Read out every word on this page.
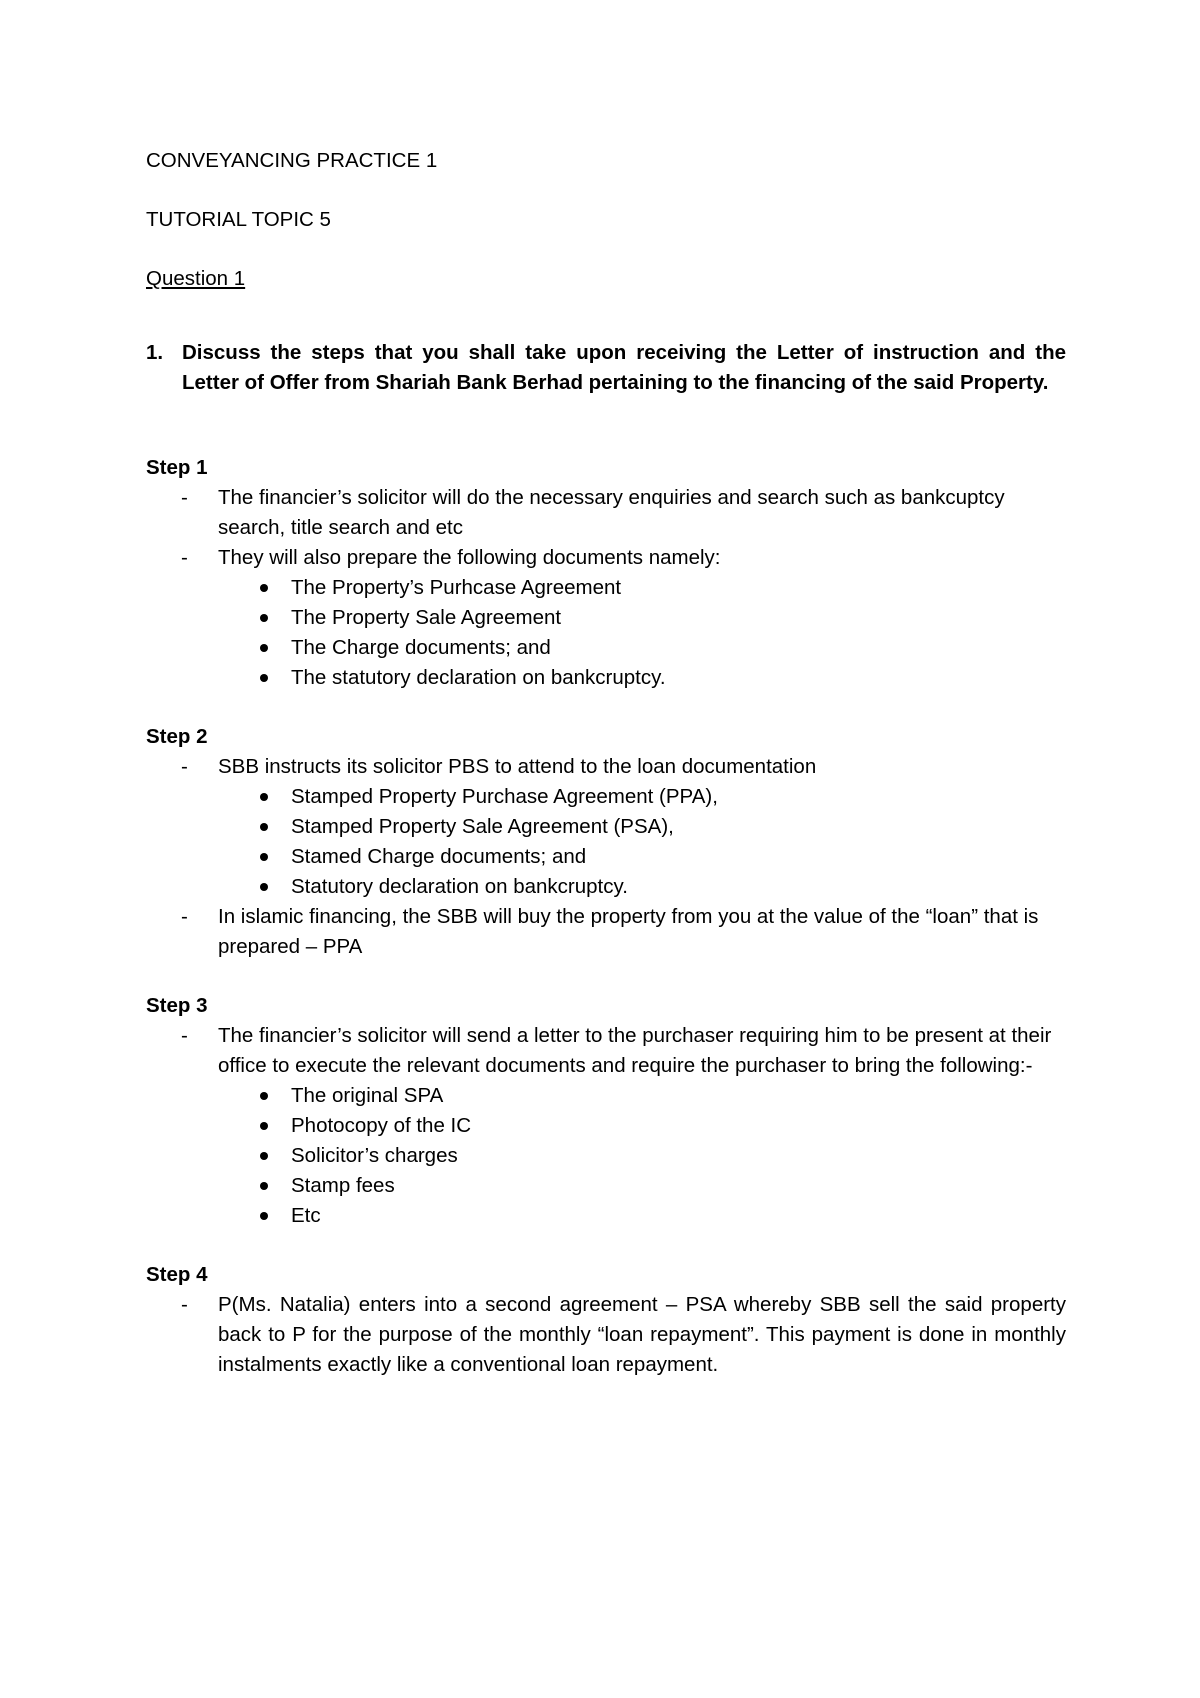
CONVEYANCING PRACTICE 1
TUTORIAL TOPIC 5
Question 1
1. Discuss the steps that you shall take upon receiving the Letter of instruction and the Letter of Offer from Shariah Bank Berhad pertaining to the financing of the said Property.
Step 1
-	The financier’s solicitor will do the necessary enquiries and search such as bankcuptcy search, title search and etc
-	They will also prepare the following documents namely:
The Property’s Purhcase Agreement
The Property Sale Agreement
The Charge documents; and
The statutory declaration on bankcruptcy.
Step 2
-	SBB instructs its solicitor PBS to attend to the loan documentation
Stamped Property Purchase Agreement (PPA),
Stamped Property Sale Agreement (PSA),
Stamed Charge documents; and
Statutory declaration on bankcruptcy.
-	In islamic financing, the SBB will buy the property from you at the value of the “loan” that is prepared – PPA
Step 3
-	The financier’s solicitor will send a letter to the purchaser requiring him to be present at their office to execute the relevant documents and require the purchaser to bring the following:-
The original SPA
Photocopy of the IC
Solicitor’s charges
Stamp fees
Etc
Step 4
-	P(Ms. Natalia) enters into a second agreement – PSA whereby SBB sell the said property back to P for the purpose of the monthly “loan repayment”. This payment is done in monthly instalments exactly like a conventional loan repayment.
